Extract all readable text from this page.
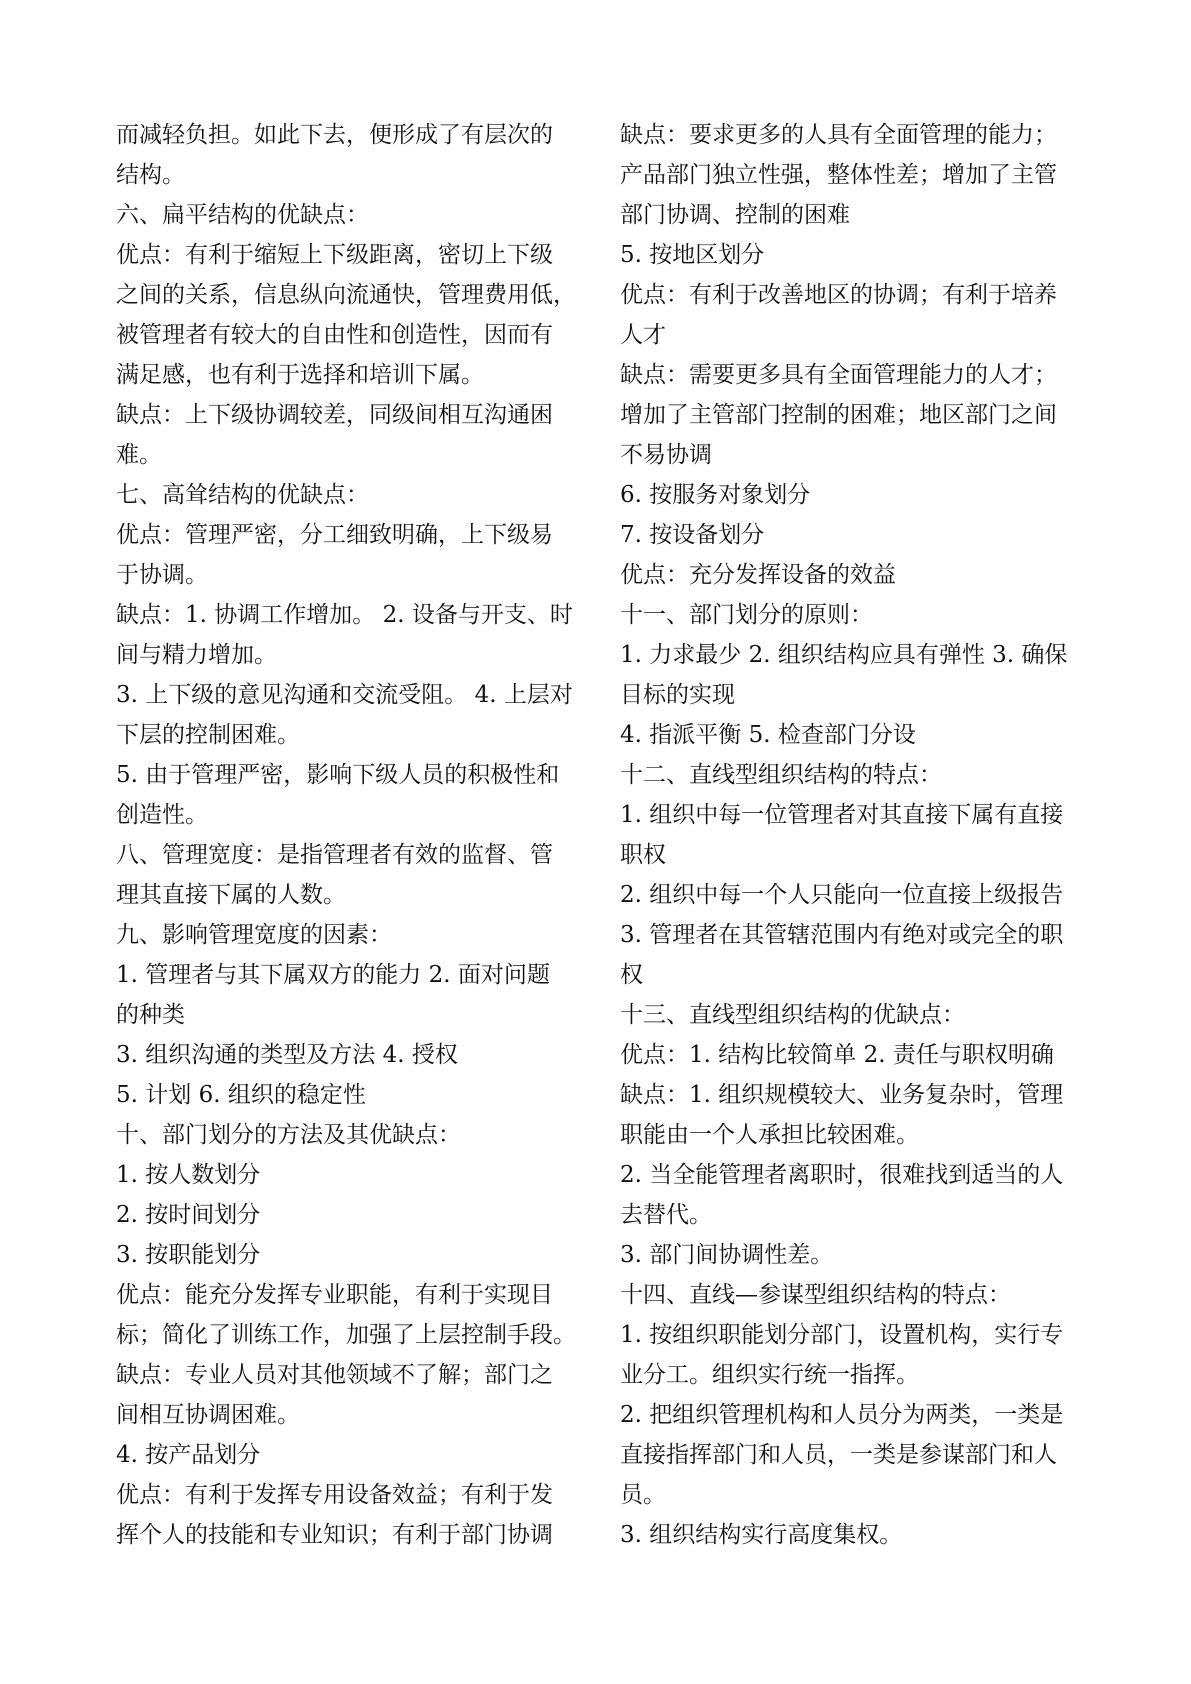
而减轻负担。如此下去，便形成了有层次的
结构。
六、扁平结构的优缺点：
优点：有利于缩短上下级距离，密切上下级
之间的关系，信息纵向流通快，管理费用低，
被管理者有较大的自由性和创造性，因而有
满足感，也有利于选择和培训下属。
缺点：上下级协调较差，同级间相互沟通困
难。
七、高耸结构的优缺点：
优点：管理严密，分工细致明确，上下级易
于协调。
缺点：1. 协调工作增加。 2. 设备与开支、时
间与精力增加。
3. 上下级的意见沟通和交流受阻。 4. 上层对
下层的控制困难。
5. 由于管理严密，影响下级人员的积极性和
创造性。
八、管理宽度：是指管理者有效的监督、管
理其直接下属的人数。
九、影响管理宽度的因素：
1. 管理者与其下属双方的能力 2. 面对问题
的种类
3. 组织沟通的类型及方法 4. 授权
5. 计划 6. 组织的稳定性
十、部门划分的方法及其优缺点：
1. 按人数划分
2. 按时间划分
3. 按职能划分
优点：能充分发挥专业职能，有利于实现目
标；简化了训练工作，加强了上层控制手段。
缺点：专业人员对其他领域不了解；部门之
间相互协调困难。
4. 按产品划分
优点：有利于发挥专用设备效益；有利于发
挥个人的技能和专业知识；有利于部门协调
缺点：要求更多的人具有全面管理的能力；
产品部门独立性强，整体性差；增加了主管
部门协调、控制的困难
5. 按地区划分
优点：有利于改善地区的协调；有利于培养
人才
缺点：需要更多具有全面管理能力的人才；
增加了主管部门控制的困难；地区部门之间
不易协调
6. 按服务对象划分
7. 按设备划分
优点：充分发挥设备的效益
十一、部门划分的原则：
1. 力求最少 2. 组织结构应具有弹性 3. 确保
目标的实现
4. 指派平衡 5. 检查部门分设
十二、直线型组织结构的特点：
1. 组织中每一位管理者对其直接下属有直接
职权
2. 组织中每一个人只能向一位直接上级报告
3. 管理者在其管辖范围内有绝对或完全的职
权
十三、直线型组织结构的优缺点：
优点：1. 结构比较简单 2. 责任与职权明确
缺点：1. 组织规模较大、业务复杂时，管理
职能由一个人承担比较困难。
2. 当全能管理者离职时，很难找到适当的人
去替代。
3. 部门间协调性差。
十四、直线—参谋型组织结构的特点：
1. 按组织职能划分部门，设置机构，实行专
业分工。组织实行统一指挥。
2. 把组织管理机构和人员分为两类，一类是
直接指挥部门和人员，一类是参谋部门和人
员。
3. 组织结构实行高度集权。
